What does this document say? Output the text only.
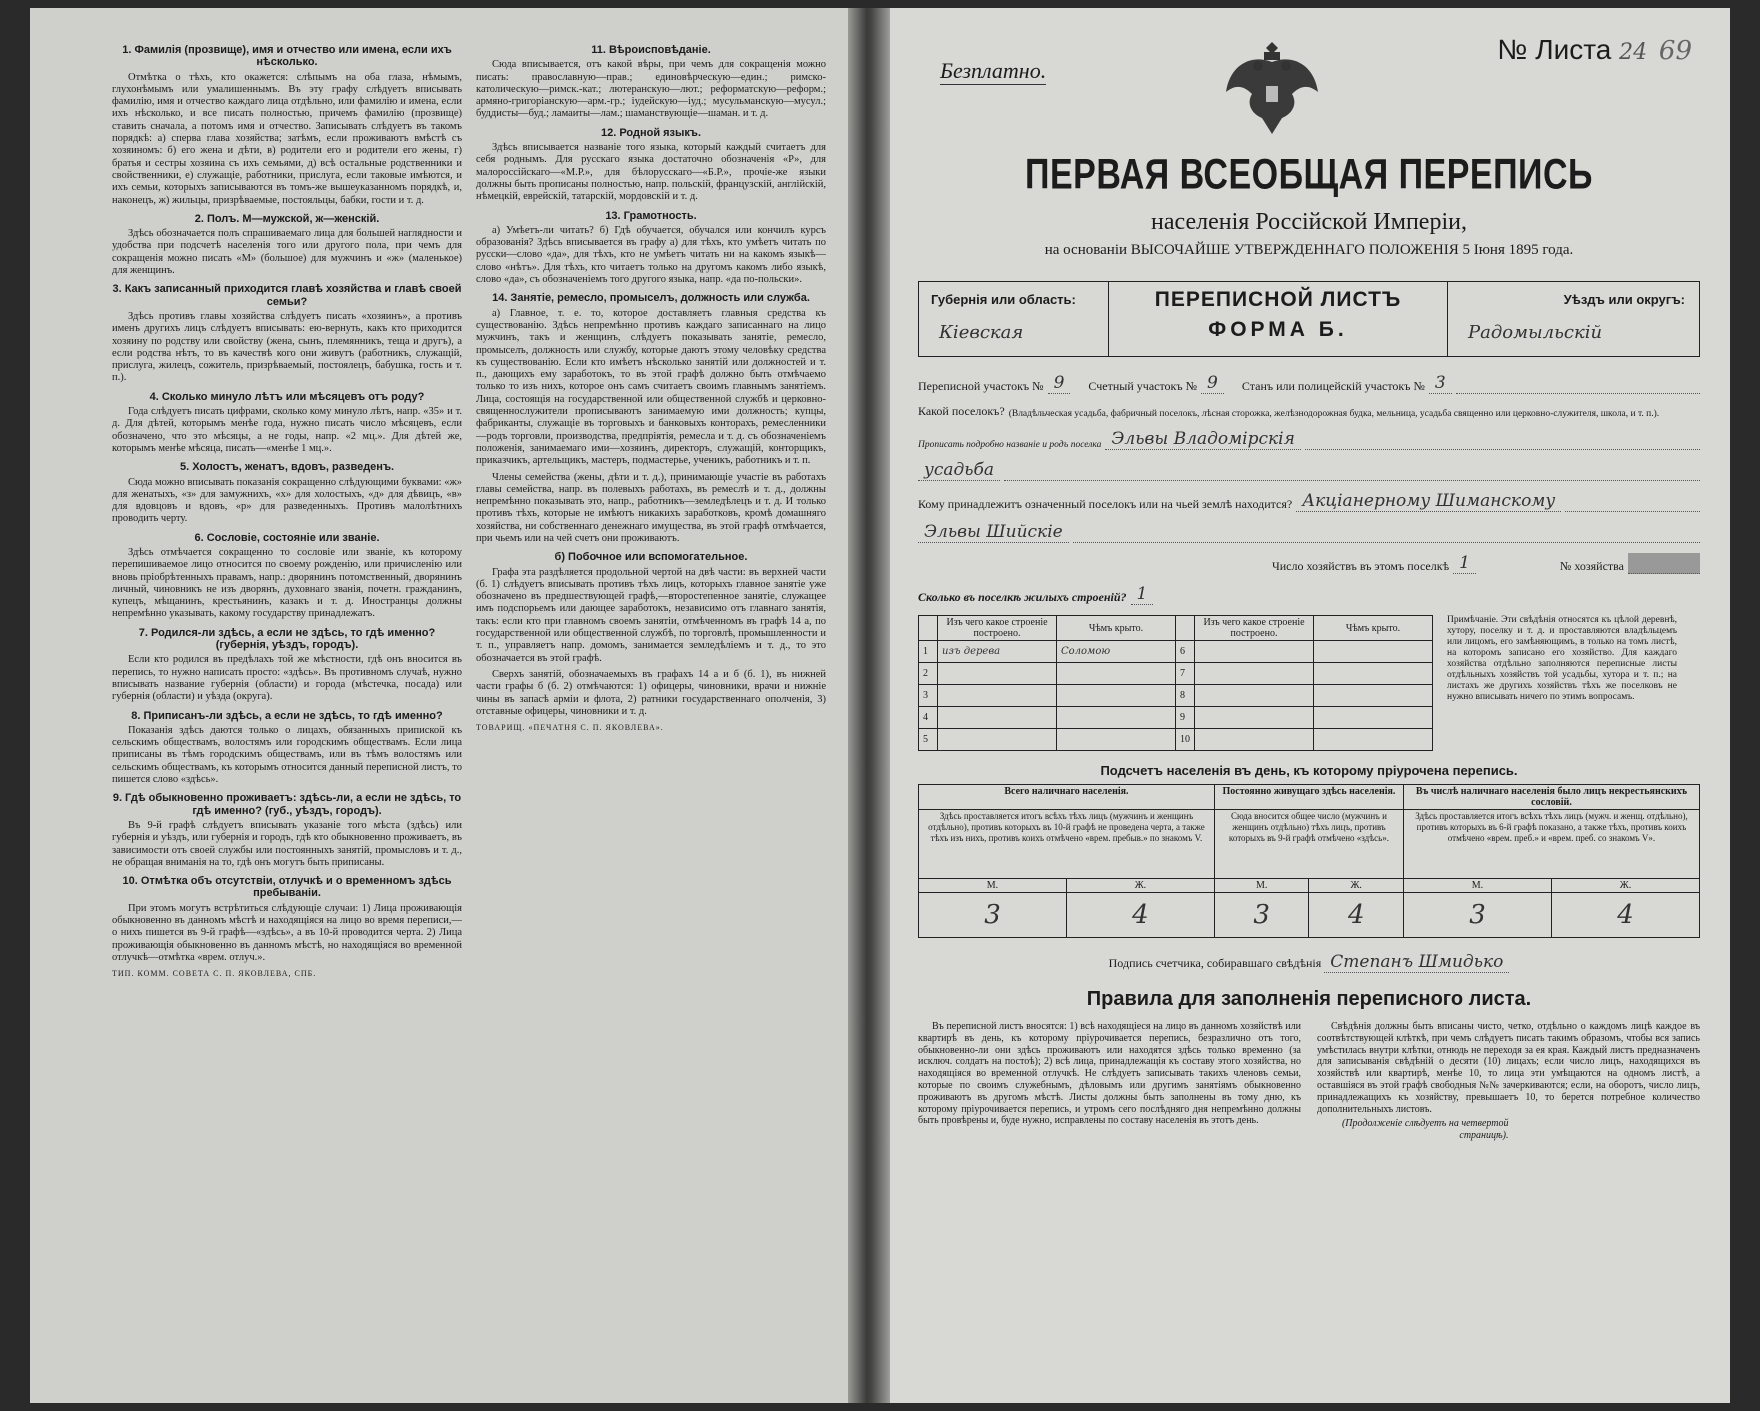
1. Фамилія (прозвище), имя и отчество или имена, если ихъ нѣсколько.

Отмѣтка о тѣхъ, кто окажется: слѣпымъ на оба глаза, нѣмымъ, глухонѣмымъ или умалишеннымъ. Въ эту графу слѣдуетъ вписывать фамилію, имя и отчество каждаго лица отдѣльно, или фамилію и имена, если ихъ нѣсколько, и все писать полностью, причемъ фамилію (прозвище) ставить сначала, а потомъ имя и отчество. Записывать слѣдуетъ въ такомъ порядкѣ: а) сперва глава хозяйства; затѣмъ, если проживаютъ вмѣстѣ съ хозяиномъ: б) его жена и дѣти, в) родители его и родители его жены, г) братья и сестры хозяина съ ихъ семьями, д) всѣ остальные родственники и свойственники, е) служащіе, работники, прислуга, если таковые имѣются, и ихъ семьи, которыхъ записываются въ томъ-же вышеуказанномъ порядкѣ, и, наконецъ, ж) жильцы, призрѣваемые, постояльцы, бабки, гости и т. д.

2. Полъ. М—мужской, ж—женскій.

Здѣсь обозначается полъ спрашиваемаго лица для большей наглядности и удобства при подсчетѣ населенія того или другого пола, при чемъ для сокращенія можно писать «М» (большое) для мужчинъ и «ж» (маленькое) для женщинъ.

3. Какъ записанный приходится главѣ хозяйства и главѣ своей семьи?

Здѣсь противъ главы хозяйства слѣдуетъ писать «хозяинъ», а противъ именъ другихъ лицъ слѣдуетъ вписывать: ею-вернуть, какъ кто приходится хозяину по родству или свойству (жена, сынъ, племянникъ, теща и другъ), а если родства нѣтъ, то въ качествѣ кого они живутъ (работникъ, служащій, прислуга, жилецъ, сожитель, призрѣваемый, постоялецъ, бабушка, гость и т. п.).

4. Сколько минуло лѣтъ или мѣсяцевъ отъ роду?

Года слѣдуетъ писать цифрами, сколько кому минуло лѣтъ, напр. «35» и т. д. Для дѣтей, которымъ менѣе года, нужно писать число мѣсяцевъ, если обозначено, что это мѣсяцы, а не годы, напр. «2 мц.». Для дѣтей же, которымъ менѣе мѣсяца, писать—«менѣе 1 мц.».

5. Холостъ, женатъ, вдовъ, разведенъ.

Сюда можно вписывать показанія сокращенно слѣдующими буквами: «ж» для женатыхъ, «з» для замужнихъ, «х» для холостыхъ, «д» для дѣвицъ, «в» для вдовцовъ и вдовъ, «р» для разведенныхъ. Противъ малолѣтнихъ проводить черту.

6. Сословіе, состояніе или званіе.

Здѣсь отмѣчается сокращенно то сословіе или званіе, къ которому перепишиваемое лицо относится по своему рожденію, или причисленію или вновь пріобрѣтенныхъ правамъ, напр.: дворянинъ потомственный, дворянинъ личный, чиновникъ не изъ дворянъ, духовнаго званія, почетн. гражданинъ, купецъ, мѣщанинъ, крестьянинъ, казакъ и т. д. Иностранцы должны непремѣнно указывать, какому государству принадлежатъ.

7. Родился-ли здѣсь, а если не здѣсь, то гдѣ именно? (губернія, уѣздъ, городъ).

Если кто родился въ предѣлахъ той же мѣстности, гдѣ онъ вносится въ перепись, то нужно написать просто: «здѣсь». Въ противномъ случаѣ, нужно вписывать название губернія (области) и города (мѣстечка, посада) или губернія (области) и уѣзда (округа).

8. Приписанъ-ли здѣсь, а если не здѣсь, то гдѣ именно?

Показанія здѣсь даются только о лицахъ, обязанныхъ припиской къ сельскимъ обществамъ, волостямъ или городскимъ обществамъ. Если лица приписаны въ тѣмъ городскимъ обществамъ, или въ тѣмъ волостямъ или сельскимъ обществамъ, къ которымъ относится данный переписной листъ, то пишется слово «здѣсь».

9. Гдѣ обыкновенно проживаетъ: здѣсь-ли, а если не здѣсь, то гдѣ именно? (губ., уѣздъ, городъ).

Въ 9-й графѣ слѣдуетъ вписывать указаніе того мѣста (здѣсь) или губернія и уѣздъ, или губернія и городъ, гдѣ кто обыкновенно проживаетъ, въ зависимости отъ своей службы или постоянныхъ занятій, промысловъ и т. д., не обращая вниманія на то, гдѣ онъ могутъ быть приписаны.

10. Отмѣтка объ отсутствіи, отлучкѣ и о временномъ здѣсь пребываніи.

При этомъ могутъ встрѣтиться слѣдующіе случаи: 1) Лица проживающія обыкновенно въ данномъ мѣстѣ и находящіяся на лицо во время переписи,—о нихъ пишется въ 9-й графѣ—«здѣсь», а въ 10-й проводится черта. 2) Лица проживающія обыкновенно въ данномъ мѣстѣ, но находящіяся во временной отлучкѣ—отмѣтка «врем. отлуч.».

ТИП. КОММ. СОВЕТА С. П. ЯКОВЛЕВА, СПБ.
11. Вѣроисповѣданіе.

Сюда вписывается, отъ какой вѣры, при чемъ для сокращенія можно писать: православную—прав.; единовѣрческую—един.; римско-католическую—римск.-кат.; лютеранскую—лют.; реформатскую—реформ.; армяно-григоріанскую—арм.-гр.; іудейскую—іуд.; мусульманскую—мусул.; буддисты—буд.; ламаиты—лам.; шаманствующіе—шаман. и т. д.

12. Родной языкъ.

Здѣсь вписывается названіе того языка, который каждый считаетъ для себя роднымъ. Для русскаго языка достаточно обозначенія «Р», для малороссійскаго—«М.Р.», для бѣлорусскаго—«Б.Р.», прочіе-же языки должны быть прописаны полностью, напр. польскій, французскій, англійскій, нѣмецкій, еврейскій, татарскій, мордовскій и т. д.

13. Грамотность.

а) Умѣетъ-ли читать? б) Гдѣ обучается, обучался или кончилъ курсъ образованія? Здѣсь вписывается въ графу а) для тѣхъ, кто умѣетъ читать по русски—слово «да», для тѣхъ, кто не умѣетъ читать ни на какомъ языкѣ—слово «нѣтъ». Для тѣхъ, кто читаетъ только на другомъ какомъ либо языкѣ, слово «да», съ обозначеніемъ того другого языка, напр. «да по-польски».

14. Занятіе, ремесло, промыселъ, должность или служба.

а) Главное, т. е. то, которое доставляетъ главныя средства къ существованію. Здѣсь непремѣнно противъ каждаго записаннаго на лицо мужчинъ, такъ и женщинъ, слѣдуетъ показывать занятіе, ремесло, промыселъ, должность или службу, которые даютъ этому человѣку средства къ существованію. Если кто имѣетъ нѣсколько занятій или должностей и т. п., дающихъ ему заработокъ, то въ этой графѣ должно быть отмѣчаемо только то изъ нихъ, которое онъ самъ считаетъ своимъ главнымъ занятіемъ. Лица, состоящія на государственной или общественной службѣ и церковно-священнослужители прописываютъ занимаемую ими должность; купцы, фабриканты, служащіе въ торговыхъ и банковыхъ конторахъ, ремесленники—родъ торговли, производства, предпріятія, ремесла и т. д. съ обозначеніемъ положенія, занимаемаго ими—хозяинъ, директоръ, служащій, конторщикъ, приказчикъ, артельщикъ, мастеръ, подмастерье, ученикъ, работникъ и т. п.

Члены семейства (жены, дѣти и т. д.), принимающіе участіе въ работахъ главы семейства, напр. въ полевыхъ работахъ, въ ремеслѣ и т. д., должны непремѣнно показывать это, напр., работникъ—земледѣлецъ и т. д. И только противъ тѣхъ, которые не имѣютъ никакихъ заработковъ, кромѣ домашняго хозяйства, ни собственнаго денежнаго имущества, въ этой графѣ отмѣчается, при чьемъ или на чей счетъ они проживаютъ.

б) Побочное или вспомогательное.

Графа эта раздѣляется продольной чертой на двѣ части: въ верхней части (б. 1) слѣдуетъ вписывать противъ тѣхъ лицъ, которыхъ главное занятіе уже обозначено въ предшествующей графѣ,—второстепенное занятіе, служащее имъ подспорьемъ или дающее заработокъ, независимо отъ главнаго занятія, такъ: если кто при главномъ своемъ занятіи, отмѣченномъ въ графѣ 14 а, по государственной или общественной службѣ, по торговлѣ, промышленности и т. п., управляетъ напр. домомъ, занимается земледѣліемъ и т. д., то это обозначается въ этой графѣ.

Сверхъ занятій, обозначаемыхъ въ графахъ 14 а и б (б. 1), въ нижней части графы б (б. 2) отмѣчаются: 1) офицеры, чиновники, врачи и нижніе чины въ запасѣ арміи и флота, 2) ратники государственнаго ополченія, 3) отставные офицеры, чиновники и т. д.

ТОВАРИЩ. «ПЕЧАТНЯ С. П. ЯКОВЛЕВА».
Безплатно.
№ Листа 24 69
ПЕРВАЯ ВСЕОБЩАЯ ПЕРЕПИСЬ
населенія Россійской Имперіи,
на основаніи ВЫСОЧАЙШЕ УТВЕРЖДЕННАГО ПОЛОЖЕНІЯ 5 Іюня 1895 года.
Губернія или область:
Кіевская
ПЕРЕПИСНОЙ ЛИСТЪ
ФОРМА Б.
Уѣздъ или округъ:
Радомыльскій
Переписной участокъ № 9	Счетный участокъ № 9	Станъ или полицейскій участокъ № 3
Какой поселокъ? (Владѣльческая усадьба, фабричный поселокъ, лѣсная сторожка, желѣзнодорожная будка, мельница, усадьба священно или церковно-служителя, школа, и т. п.).
Прописать подробно названіе и родъ поселка Эльвы Владомірскія
усадьба
Кому принадлежитъ означенный поселокъ или на чьей землѣ находится? Акціанерному Шиманскому
Эльвы Шийскіе
Число хозяйствъ въ этомъ поселкѣ 1	№ хозяйства

Сколько въ поселкѣ жилыхъ строеній? 1
	Изъ чего какое строеніе построено.	Чѣмъ крыто.		Изъ чего какое строеніе построено.	Чѣмъ крыто.
1	изъ дерева	Соломою	6		
2			7		
3			8		
4			9		
5			10		
Примѣчаніе. Эти свѣдѣнія относятся къ цѣлой деревнѣ, хутору, поселку и т. д. и проставляются владѣльцемъ или лицомъ, его замѣняющимъ, в только на томъ листѣ, на которомъ записано его хозяйство. Для каждаго хозяйства отдѣльно заполняются переписные листы отдѣльныхъ хозяйствъ той усадьбы, хутора и т. п.; на листахъ же другихъ хозяйствъ тѣхъ же поселковъ не нужно вписывать ничего по этимъ вопросамъ.
Подсчетъ населенія въ день, къ которому пріурочена перепись.
Всего наличнаго населенія.		Постоянно живущаго здѣсь населенія.		Въ числѣ наличнаго населенія было лицъ некрестьянскихъ сословій.	
Здѣсь проставляется итогъ всѣхъ тѣхъ лицъ (мужчинъ и женщинъ отдѣльно), противъ которыхъ въ 10-й графѣ не проведена черта, а также тѣхъ изъ нихъ, противъ коихъ отмѣчено «врем. пребыв.» по знакомъ V.		Сюда вносится общее число (мужчинъ и женщинъ отдѣльно) тѣхъ лицъ, противъ которыхъ въ 9-й графѣ отмѣчено «здѣсь».		Здѣсь проставляется итогъ всѣхъ тѣхъ лицъ (мужч. и женщ. отдѣльно), противъ которыхъ въ 6-й графѣ показано, а также тѣхъ, противъ коихъ отмѣчено «врем. преб.» и «врем. преб. со знакомъ V».	
М.	Ж.	М.	Ж.	М.	Ж.
3	4	3	4	3	4
Подпись счетчика, собиравшаго свѣдѣнія Степанъ Шмидько
Правила для заполненія переписного листа.

Въ переписной листъ вносятся: 1) всѣ находящіеся на лицо въ данномъ хозяйствѣ или квартирѣ въ день, къ которому пріурочивается перепись, безразлично отъ того, обыкновенно-ли они здѣсь проживаютъ или находятся здѣсь только временно (за исключ. солдатъ на постоѣ); 2) всѣ лица, принадлежащія къ составу этого хозяйства, но находящіяся во временной отлучкѣ. Не слѣдуетъ записывать такихъ членовъ семьи, которые по своимъ служебнымъ, дѣловымъ или другимъ занятіямъ обыкновенно проживаютъ въ другомъ мѣстѣ. Листы должны быть заполнены въ тому дню, къ которому пріурочивается перепись, и утромъ сего послѣдняго дня непремѣнно должны быть провѣрены и, буде нужно, исправлены по составу населенія въ этотъ день.

Свѣдѣнія должны быть вписаны чисто, четко, отдѣльно о каждомъ лицѣ каждое въ соотвѣтствующей клѣткѣ, при чемъ слѣдуетъ писать такимъ образомъ, чтобы вся запись умѣстилась внутри клѣтки, отнюдь не переходя за ея края. Каждый листъ предназначенъ для записыванія свѣдѣній о десяти (10) лицахъ; если число лицъ, находящихся въ хозяйствѣ или квартирѣ, менѣе 10, то лица эти умѣщаются на одномъ листѣ, а оставшіяся въ этой графѣ свободныя №№ зачеркиваются; если, на оборотъ, число лицъ, принадлежащихъ къ хозяйству, превышаетъ 10, то берется потребное количество дополнительныхъ листовъ.

(Продолженіе слѣдуетъ на четвертой страницѣ).
